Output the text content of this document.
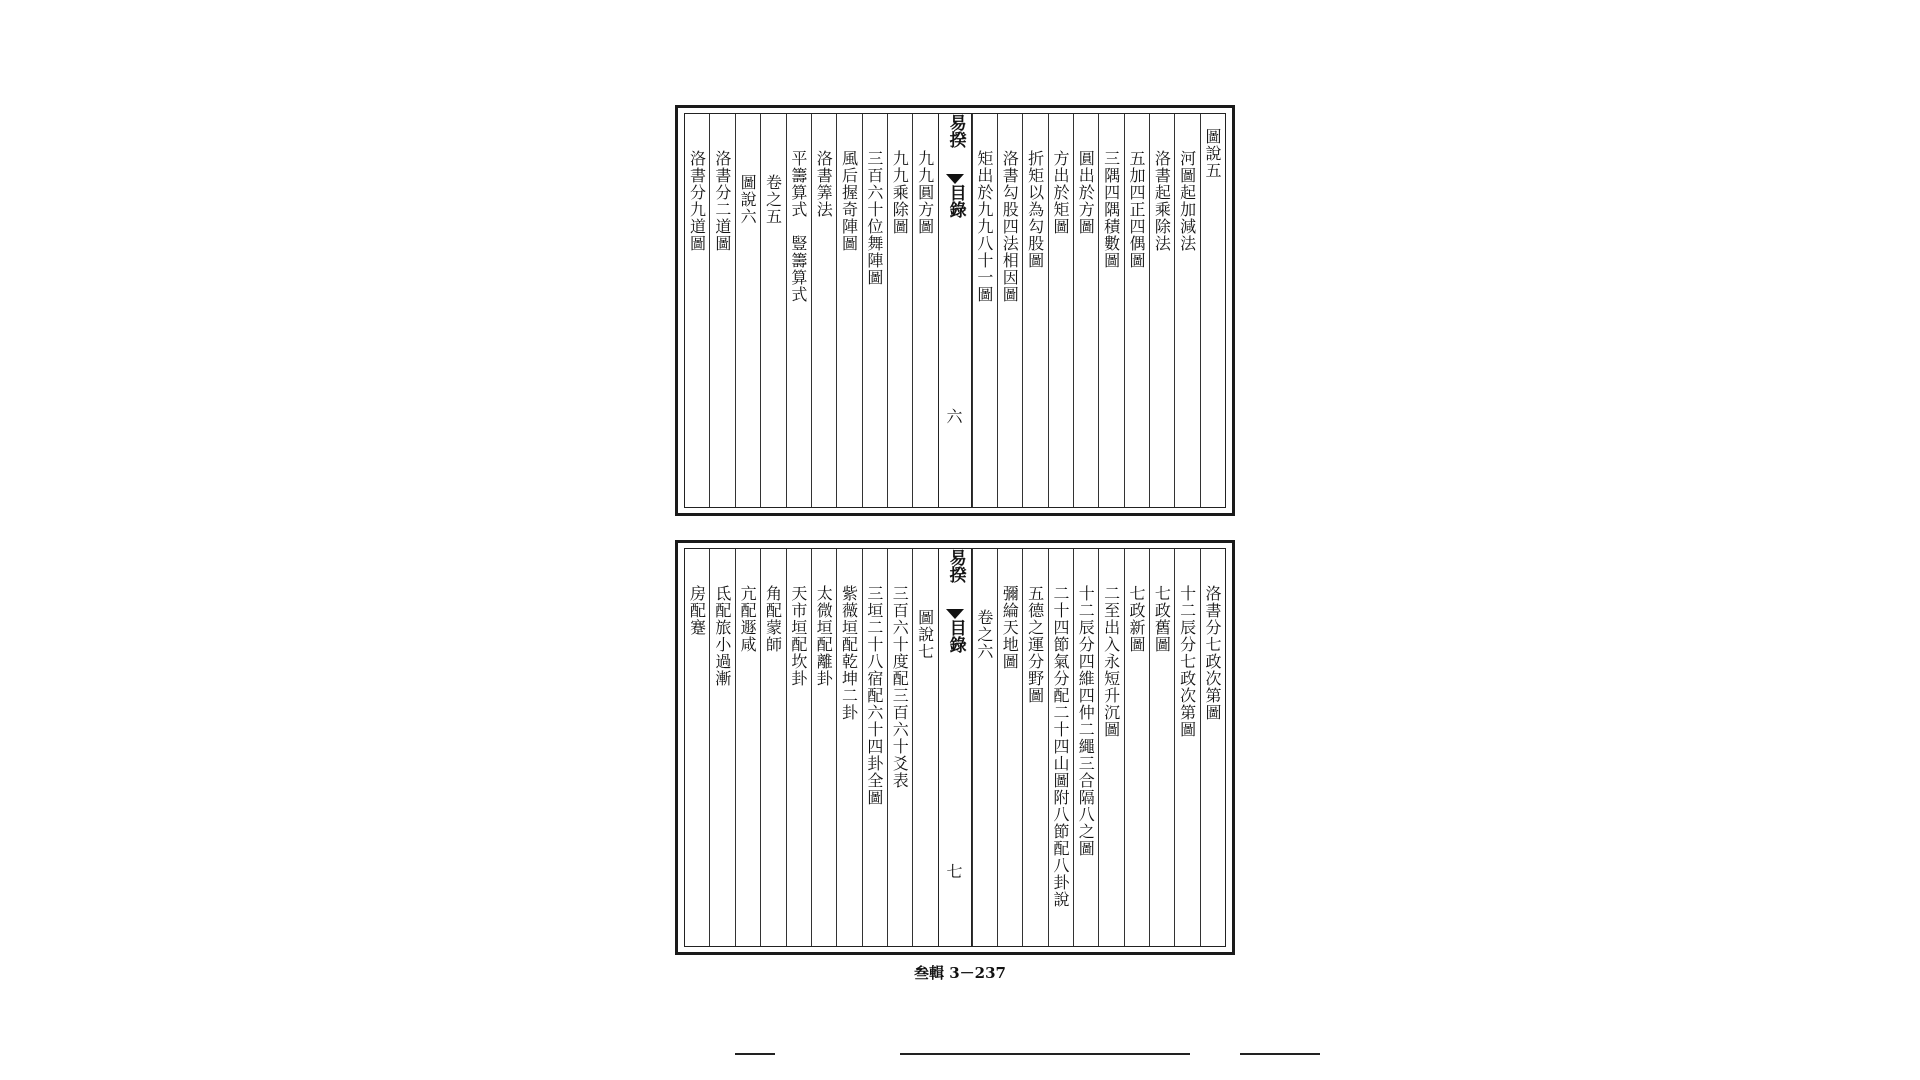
圖說五
河圖起加減法
洛書起乘除法
五加四正四偶圖
三隅四隅積數圖
圓出於方圖
方出於矩圖
折矩以為勾股圖
洛書勾股四法相因圖
矩出於九九八十一圖
易揆
目錄
六
九九圓方圖
九九乘除圖
三百六十位舞陣圖
風后握奇陣圖
洛書筭法
平籌算式　豎籌算式
卷之五
圖說六
洛書分二道圖
洛書分九道圖
洛書分七政次第圖
十二辰分七政次第圖
七政舊圖
七政新圖
二至出入永短升沉圖
十二辰分四維四仲二繩三合隔八之圖
二十四節氣分配二十四山圖附八節配八卦說
五德之運分野圖
彌綸天地圖
卷之六
易揆
目錄
七
圖說七
三百六十度配三百六十爻表
三垣二十八宿配六十四卦全圖
紫薇垣配乾坤二卦
太微垣配離卦
天市垣配坎卦
角配蒙師
亢配遯咸
氐配旅小過漸
房配蹇
叁輯 3－237
